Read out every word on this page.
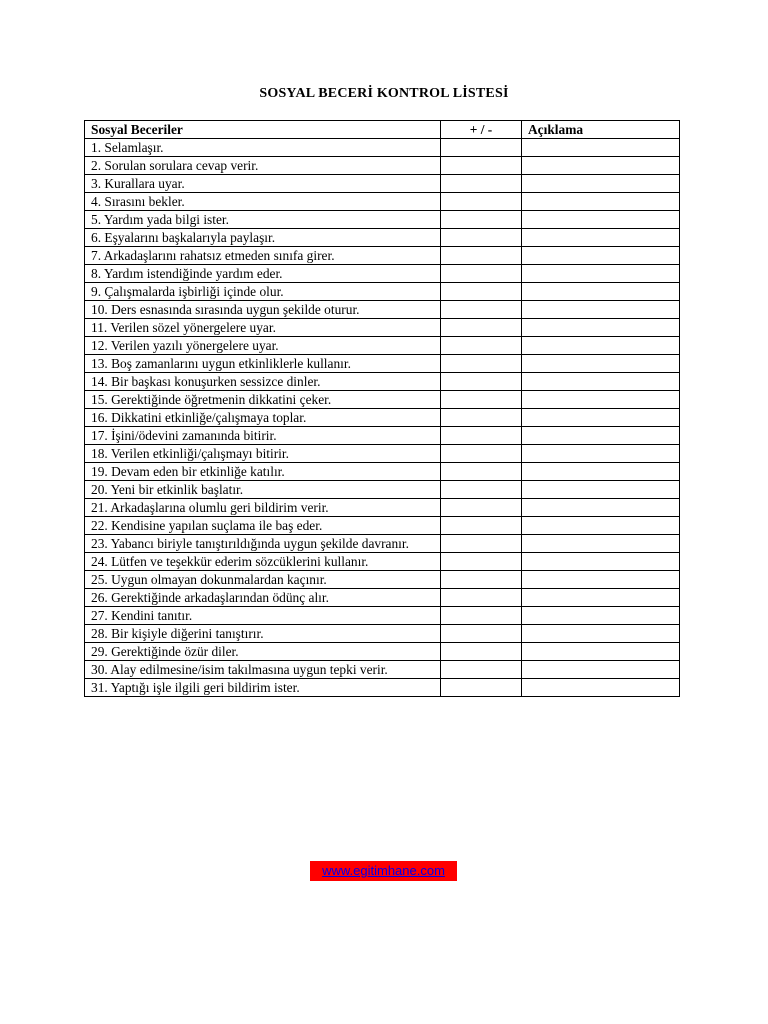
SOSYAL BECERİ KONTROL LİSTESİ
Sosyal Beceriler	+ / -	Açıklama
1. Selamlaşır.		
2. Sorulan sorulara cevap verir.		
3. Kurallara uyar.		
4. Sırasını bekler.		
5. Yardım yada bilgi ister.		
6. Eşyalarını başkalarıyla paylaşır.		
7. Arkadaşlarını rahatsız etmeden sınıfa girer.		
8. Yardım istendiğinde yardım eder.		
9. Çalışmalarda işbirliği içinde olur.		
10. Ders esnasında sırasında uygun şekilde oturur.		
11. Verilen sözel yönergelere uyar.		
12. Verilen yazılı yönergelere uyar.		
13. Boş zamanlarını uygun etkinliklerle kullanır.		
14. Bir başkası konuşurken sessizce dinler.		
15. Gerektiğinde öğretmenin dikkatini çeker.		
16. Dikkatini etkinliğe/çalışmaya toplar.		
17. İşini/ödevini zamanında bitirir.		
18. Verilen etkinliği/çalışmayı bitirir.		
19. Devam eden bir etkinliğe katılır.		
20. Yeni bir etkinlik başlatır.		
21. Arkadaşlarına olumlu geri bildirim verir.		
22. Kendisine yapılan suçlama ile baş eder.		
23. Yabancı biriyle tanıştırıldığında uygun şekilde davranır.		
24. Lütfen ve teşekkür ederim sözcüklerini kullanır.		
25. Uygun olmayan dokunmalardan kaçınır.		
26. Gerektiğinde arkadaşlarından ödünç alır.		
27. Kendini tanıtır.		
28. Bir kişiyle diğerini tanıştırır.		
29. Gerektiğinde özür diler.		
30. Alay edilmesine/isim takılmasına uygun tepki verir.		
31. Yaptığı işle ilgili geri bildirim ister.		
www.egitimhane.com
